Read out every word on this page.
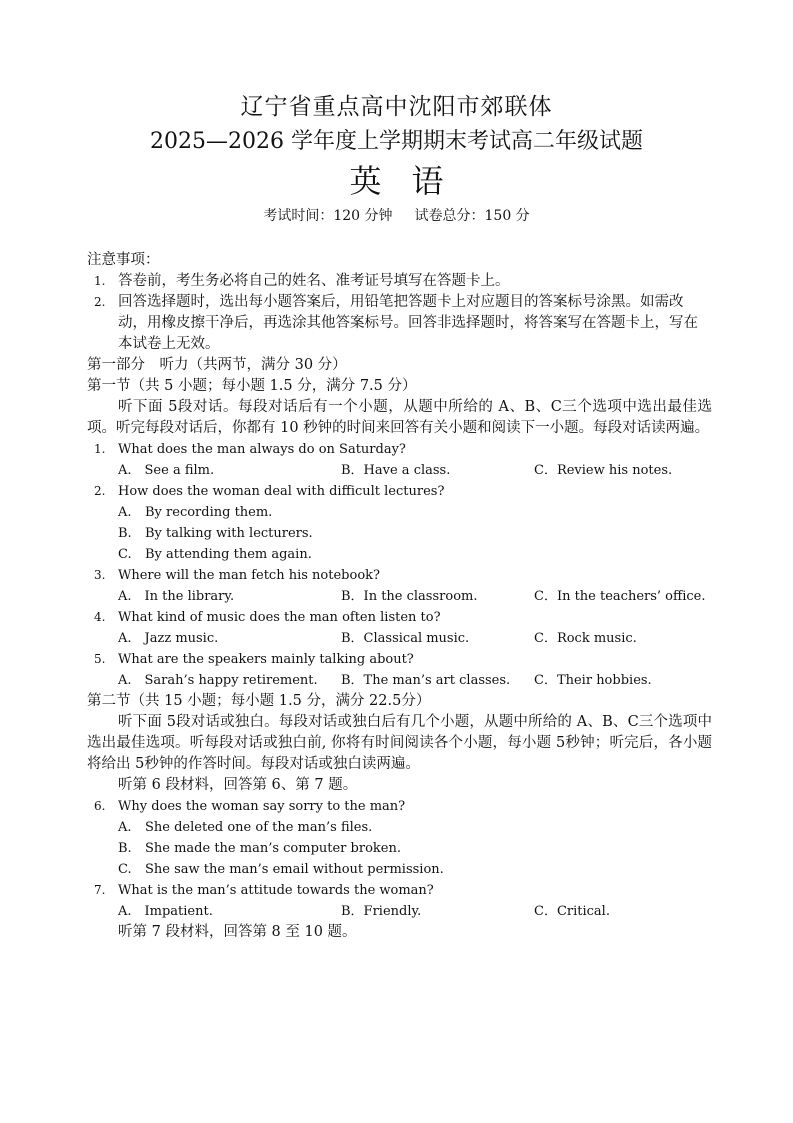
辽宁省重点高中沈阳市郊联体
2025—2026 学年度上学期期末考试高二年级试题
英语
考试时间：120 分钟 试卷总分：150 分
注意事项：
1. 答卷前，考生务必将自己的姓名、准考证号填写在答题卡上。
2. 回答选择题时，选出每小题答案后，用铅笔把答题卡上对应题目的答案标号涂黑。如需改动，用橡皮擦干净后，再选涂其他答案标号。回答非选择题时，将答案写在答题卡上，写在本试卷上无效。
第一部分　听力（共两节，满分 30 分）
第一节（共 5 小题；每小题 1.5 分，满分 7.5 分）
听下面 5段对话。每段对话后有一个小题，从题中所给的 A、B、C三个选项中选出最佳选项。听完每段对话后，你都有 10 秒钟的时间来回答有关小题和阅读下一小题。每段对话读两遍。
1. What does the man always do on Saturday?
A.　See a film.	B．Have a class.	C．Review his notes.
2. How does the woman deal with difficult lectures?
A. By recording them.
B. By talking with lecturers.
C. By attending them again.
3. Where will the man fetch his notebook?
A.　In the library.	B．In the classroom.	C．In the teachers’ office.
4. What kind of music does the man often listen to?
A.　Jazz music.	B．Classical music.	C．Rock music.
5. What are the speakers mainly talking about?
A.　Sarah’s happy retirement. B．The man’s art classes. C．Their hobbies.
第二节（共 15 小题；每小题 1.5 分，满分 22.5分）
听下面 5段对话或独白。每段对话或独白后有几个小题，从题中所给的 A、B、C三个选项中选出最佳选项。听每段对话或独白前, 你将有时间阅读各个小题，每小题 5秒钟；听完后，各小题将给出 5秒钟的作答时间。每段对话或独白读两遍。
听第 6 段材料，回答第 6、第 7 题。
6. Why does the woman say sorry to the man?
A. She deleted one of the man’s files.
B. She made the man’s computer broken.
C. She saw the man’s email without permission.
7. What is the man’s attitude towards the woman?
A.　Impatient.	B．Friendly.	C．Critical.
听第 7 段材料，回答第 8 至 10 题。
